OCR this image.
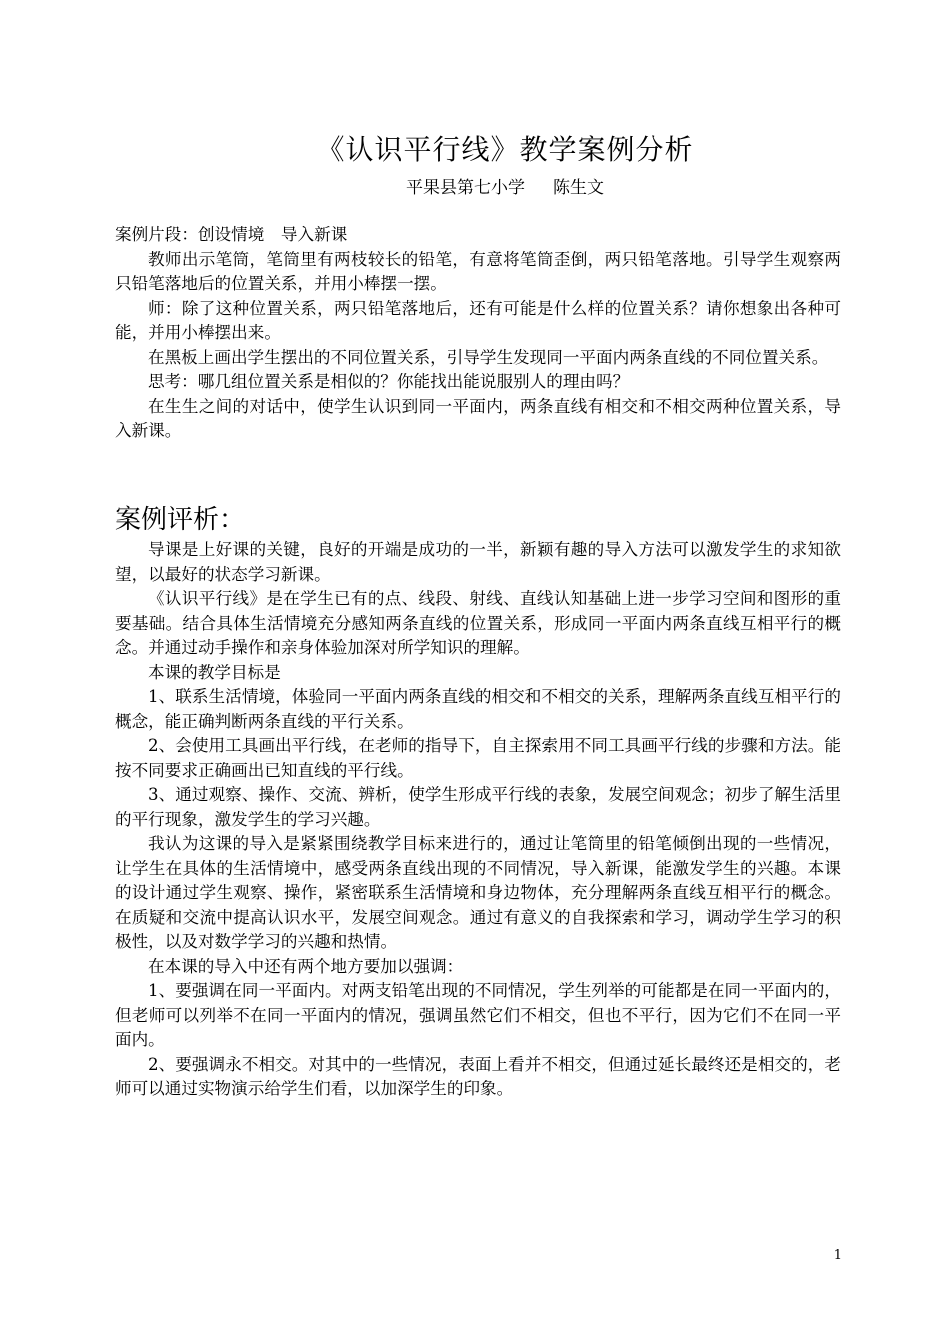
《认识平行线》教学案例分析
平果县第七小学 陈生文

案例片段：创设情境　导入新课

教师出示笔筒，笔筒里有两枝较长的铅笔，有意将笔筒歪倒，两只铅笔落地。引导学生观察两只铅笔落地后的位置关系，并用小棒摆一摆。

师：除了这种位置关系，两只铅笔落地后，还有可能是什么样的位置关系？请你想象出各种可能，并用小棒摆出来。

在黑板上画出学生摆出的不同位置关系，引导学生发现同一平面内两条直线的不同位置关系。

思考：哪几组位置关系是相似的？你能找出能说服别人的理由吗？

在生生之间的对话中，使学生认识到同一平面内，两条直线有相交和不相交两种位置关系，导入新课。

案例评析：

导课是上好课的关键，良好的开端是成功的一半，新颖有趣的导入方法可以激发学生的求知欲望，以最好的状态学习新课。

《认识平行线》是在学生已有的点、线段、射线、直线认知基础上进一步学习空间和图形的重要基础。结合具体生活情境充分感知两条直线的位置关系，形成同一平面内两条直线互相平行的概念。并通过动手操作和亲身体验加深对所学知识的理解。

本课的教学目标是

1、联系生活情境，体验同一平面内两条直线的相交和不相交的关系，理解两条直线互相平行的概念，能正确判断两条直线的平行关系。

2、会使用工具画出平行线，在老师的指导下，自主探索用不同工具画平行线的步骤和方法。能按不同要求正确画出已知直线的平行线。

3、通过观察、操作、交流、辨析，使学生形成平行线的表象，发展空间观念；初步了解生活里的平行现象，激发学生的学习兴趣。

我认为这课的导入是紧紧围绕教学目标来进行的，通过让笔筒里的铅笔倾倒出现的一些情况，让学生在具体的生活情境中，感受两条直线出现的不同情况，导入新课，能激发学生的兴趣。本课的设计通过学生观察、操作，紧密联系生活情境和身边物体，充分理解两条直线互相平行的概念。在质疑和交流中提高认识水平，发展空间观念。通过有意义的自我探索和学习，调动学生学习的积极性，以及对数学学习的兴趣和热情。

在本课的导入中还有两个地方要加以强调：

1、要强调在同一平面内。对两支铅笔出现的不同情况，学生列举的可能都是在同一平面内的，但老师可以列举不在同一平面内的情况，强调虽然它们不相交，但也不平行，因为它们不在同一平面内。

2、要强调永不相交。对其中的一些情况，表面上看并不相交，但通过延长最终还是相交的，老师可以通过实物演示给学生们看，以加深学生的印象。

1
